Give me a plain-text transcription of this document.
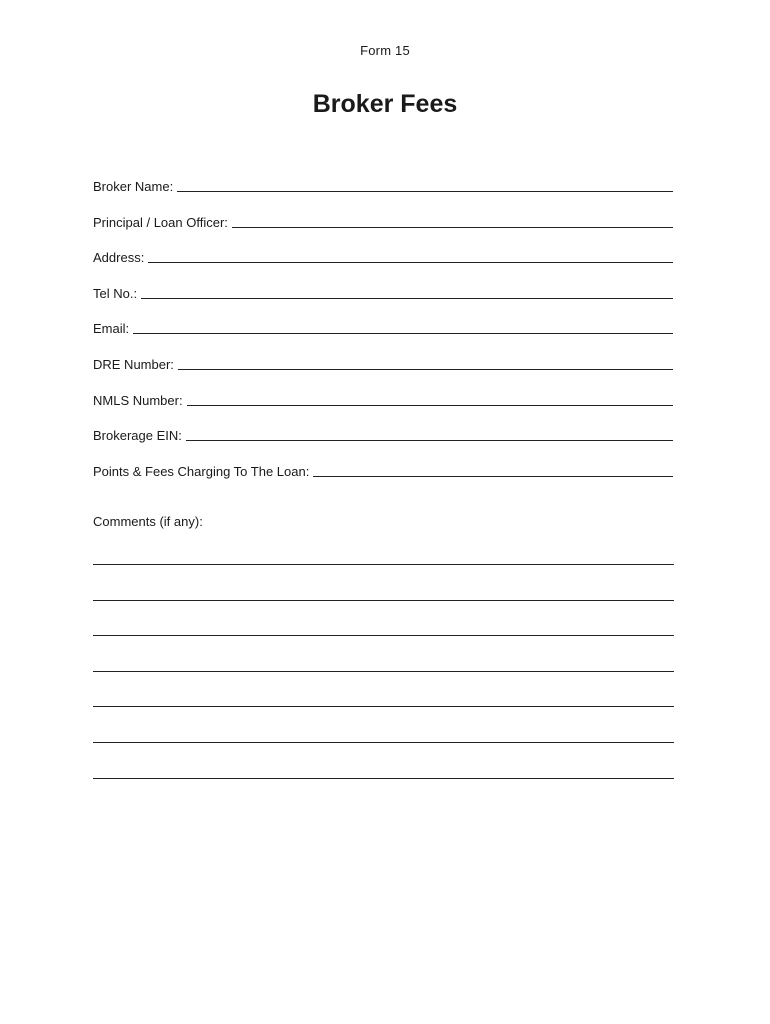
Form 15
Broker Fees
Broker Name:
Principal / Loan Officer:
Address:
Tel No.:
Email:
DRE Number:
NMLS Number:
Brokerage EIN:
Points & Fees Charging To The Loan:
Comments (if any):
